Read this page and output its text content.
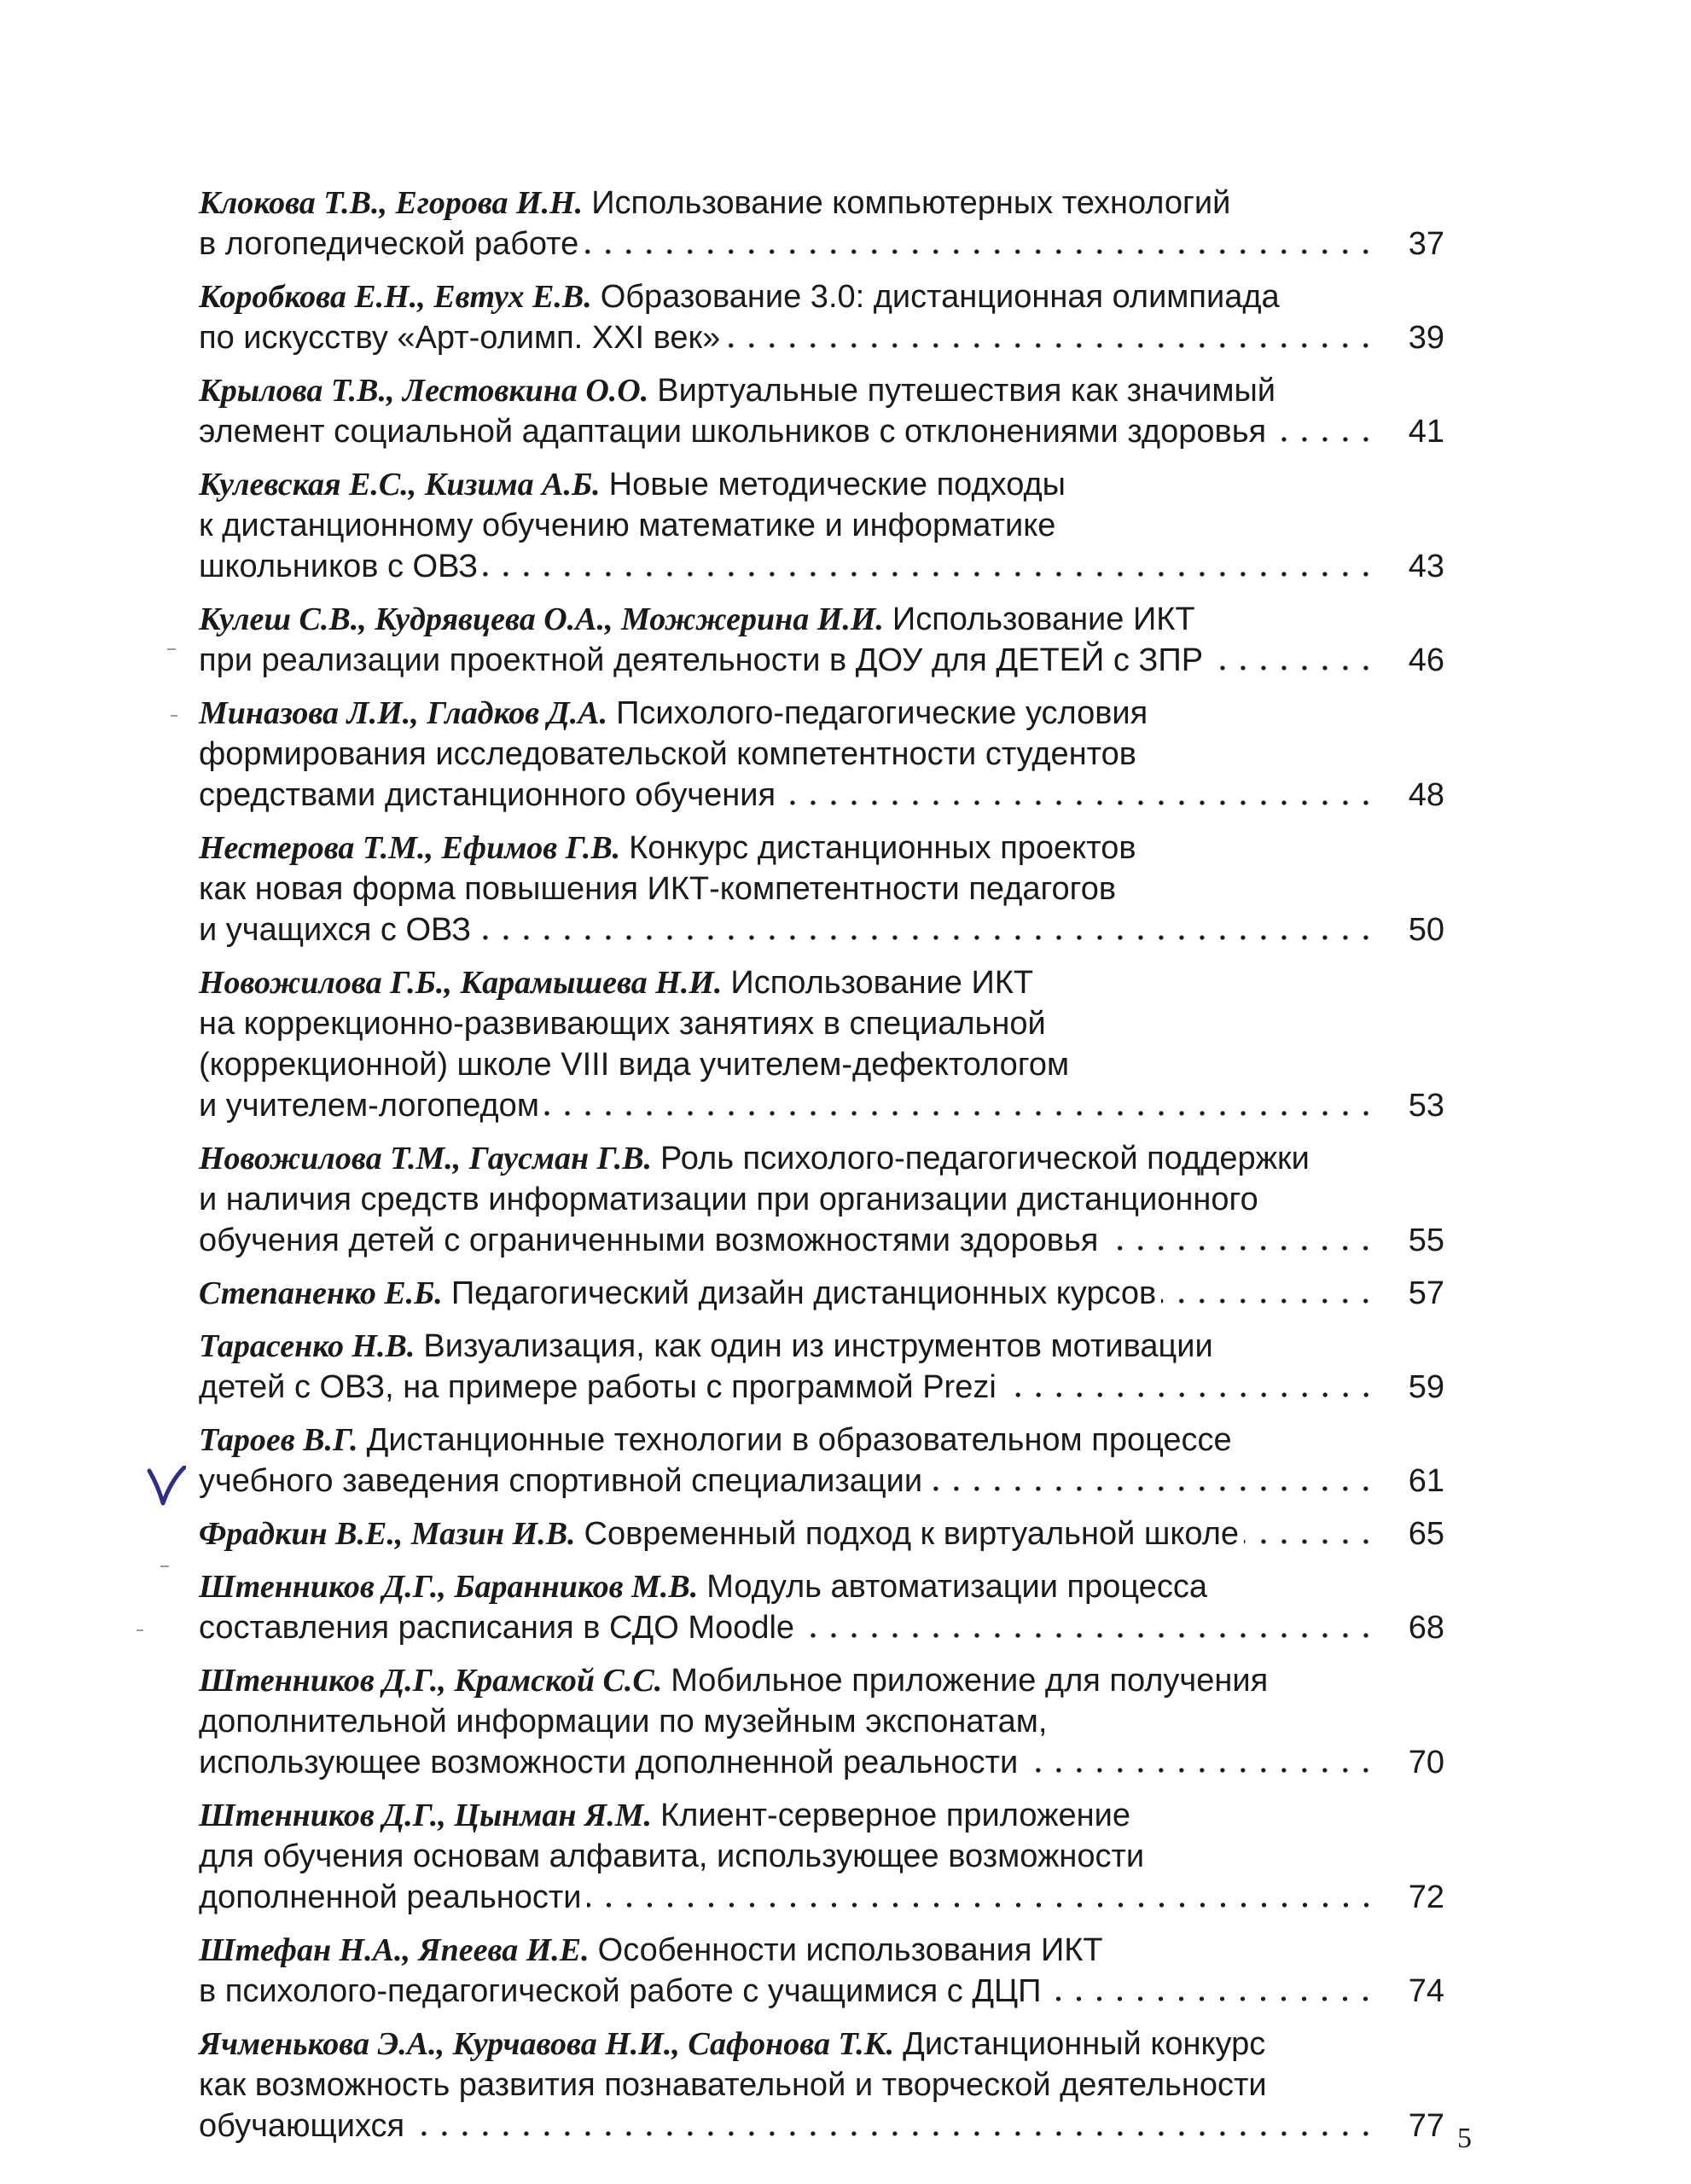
Клокова Т.В., Егорова И.Н. Использование компьютерных технологий
в логопедической работе	37
Коробкова Е.Н., Евтух Е.В. Образование 3.0: дистанционная олимпиада
по искусству «Арт-олимп. XXI век»	39
Крылова Т.В., Лестовкина О.О. Виртуальные путешествия как значимый
элемент социальной адаптации школьников с отклонениями здоровья	41
Кулевская Е.С., Кизима А.Б. Новые методические подходы
к дистанционному обучению математике и информатике
школьников с ОВЗ	43
Кулеш С.В., Кудрявцева О.А., Можжерина И.И. Использование ИКТ
при реализации проектной деятельности в ДОУ для ДЕТЕЙ с ЗПР	46
Миназова Л.И., Гладков Д.А. Психолого-педагогические условия
формирования исследовательской компетентности студентов
средствами дистанционного обучения	48
Нестерова Т.М., Ефимов Г.В. Конкурс дистанционных проектов
как новая форма повышения ИКТ-компетентности педагогов
и учащихся с ОВЗ	50
Новожилова Г.Б., Карамышева Н.И. Использование ИКТ
на коррекционно-развивающих занятиях в специальной
(коррекционной) школе VIII вида учителем-дефектологом
и учителем-логопедом	53
Новожилова Т.М., Гаусман Г.В. Роль психолого-педагогической поддержки
и наличия средств информатизации при организации дистанционного
обучения детей с ограниченными возможностями здоровья	55
Степаненко Е.Б. Педагогический дизайн дистанционных курсов	57
Тарасенко Н.В. Визуализация, как один из инструментов мотивации
детей с ОВЗ, на примере работы с программой Prezi	59
Тароев В.Г. Дистанционные технологии в образовательном процессе
учебного заведения спортивной специализации	61
Фрадкин В.Е., Мазин И.В. Современный подход к виртуальной школе	65
Штенников Д.Г., Баранников М.В. Модуль автоматизации процесса
составления расписания в СДО Moodle	68
Штенников Д.Г., Крамской С.С. Мобильное приложение для получения
дополнительной информации по музейным экспонатам,
использующее возможности дополненной реальности	70
Штенников Д.Г., Цынман Я.М. Клиент-серверное приложение
для обучения основам алфавита, использующее возможности
дополненной реальности	72
Штефан Н.А., Япеева И.Е. Особенности использования ИКТ
в психолого-педагогической работе с учащимися с ДЦП	74
Ячменькова Э.А., Курчавова Н.И., Сафонова Т.К. Дистанционный конкурс
как возможность развития познавательной и творческой деятельности
обучающихся	77 5
